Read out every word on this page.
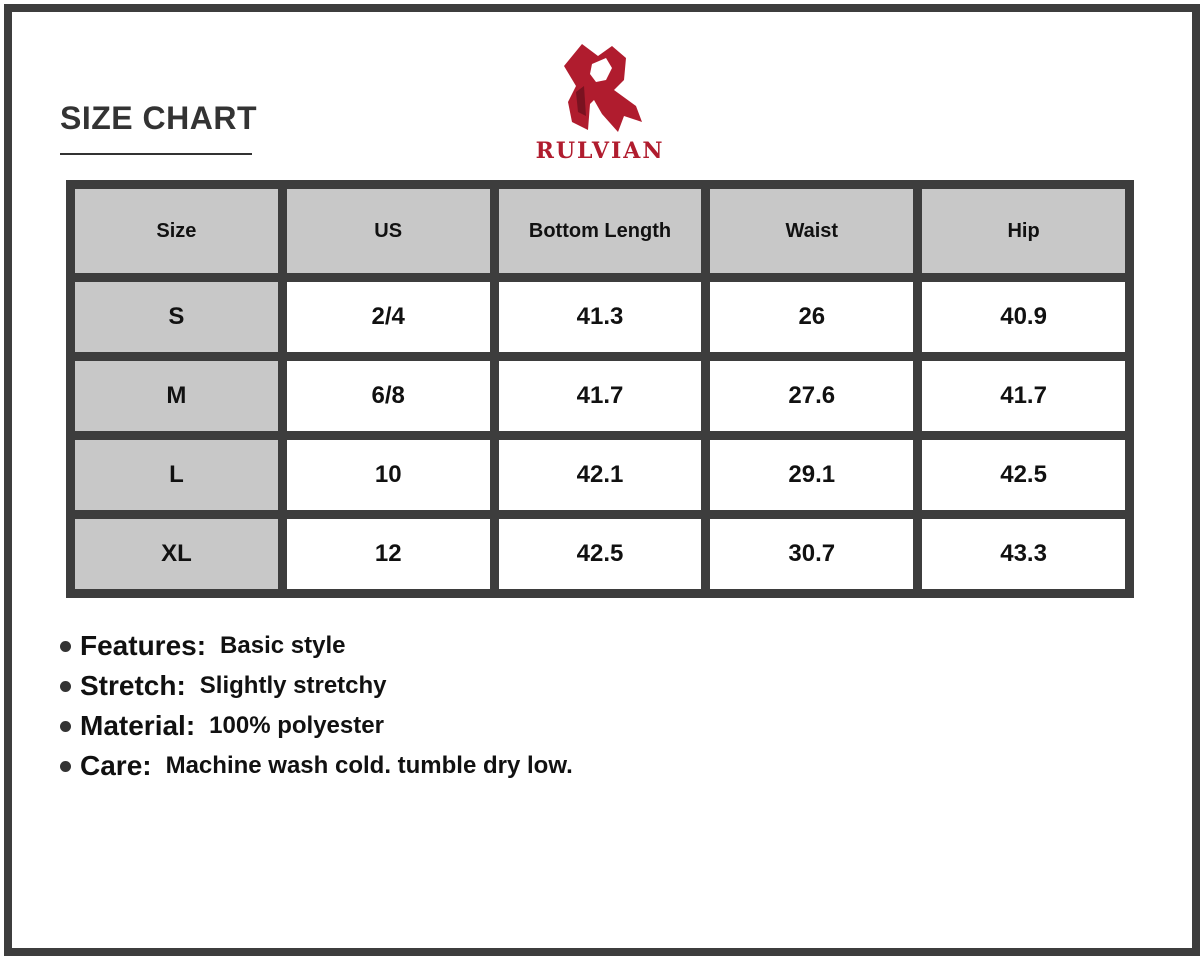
SIZE CHART
RULVIAN
Size	US	Bottom Length	Waist	Hip
S	2/4	41.3	26	40.9
M	6/8	41.7	27.6	41.7
L	10	42.1	29.1	42.5
XL	12	42.5	30.7	43.3
Features: Basic style
Stretch: Slightly stretchy
Material: 100% polyester
Care: Machine wash cold. tumble dry low.
